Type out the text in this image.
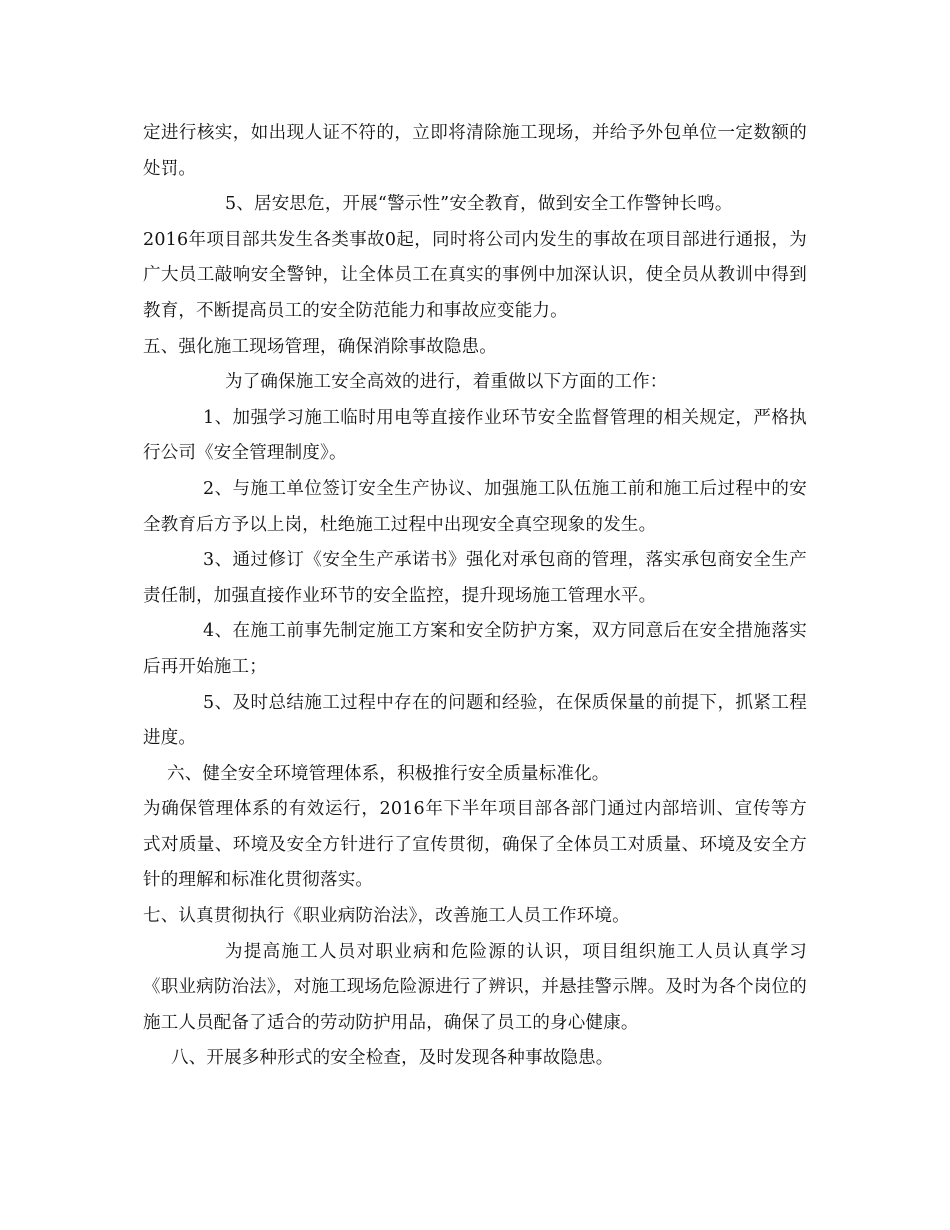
定进行核实，如出现人证不符的，立即将清除施工现场，并给予外包单位一定数额的处罚。

5、居安思危，开展“警示性”安全教育，做到安全工作警钟长鸣。

2016年项目部共发生各类事故0起，同时将公司内发生的事故在项目部进行通报，为广大员工敲响安全警钟，让全体员工在真实的事例中加深认识，使全员从教训中得到教育，不断提高员工的安全防范能力和事故应变能力。

五、强化施工现场管理，确保消除事故隐患。

为了确保施工安全高效的进行，着重做以下方面的工作：

1、加强学习施工临时用电等直接作业环节安全监督管理的相关规定，严格执行公司《安全管理制度》。

2、与施工单位签订安全生产协议、加强施工队伍施工前和施工后过程中的安全教育后方予以上岗，杜绝施工过程中出现安全真空现象的发生。

3、通过修订《安全生产承诺书》强化对承包商的管理，落实承包商安全生产责任制，加强直接作业环节的安全监控，提升现场施工管理水平。

4、在施工前事先制定施工方案和安全防护方案，双方同意后在安全措施落实后再开始施工；

5、及时总结施工过程中存在的问题和经验，在保质保量的前提下，抓紧工程进度。

六、健全安全环境管理体系，积极推行安全质量标准化。

为确保管理体系的有效运行，2016年下半年项目部各部门通过内部培训、宣传等方式对质量、环境及安全方针进行了宣传贯彻，确保了全体员工对质量、环境及安全方针的理解和标准化贯彻落实。

七、认真贯彻执行《职业病防治法》，改善施工人员工作环境。

为提高施工人员对职业病和危险源的认识，项目组织施工人员认真学习《职业病防治法》，对施工现场危险源进行了辨识，并悬挂警示牌。及时为各个岗位的施工人员配备了适合的劳动防护用品，确保了员工的身心健康。

八、开展多种形式的安全检查，及时发现各种事故隐患。
